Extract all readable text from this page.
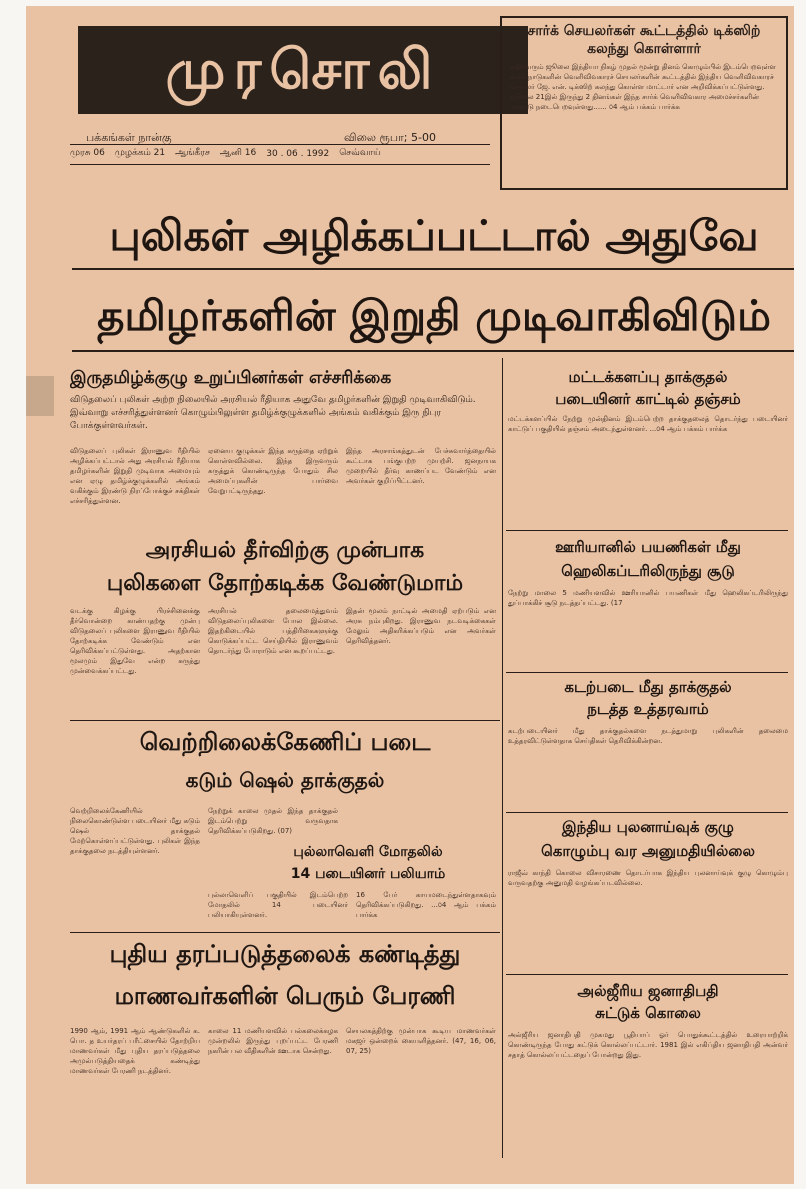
முரசொலி
சார்க் செயலர்கள் கூட்டத்தில் டிக்ஸிற் கலந்து கொள்ளார்
எதிர்வரும் ஜூலை இந்தியா நிகழ் முதல் மூன்று தினம் கொழும்பில் இடம்பெறவுள்ள சார்க் நாடுகளின் வெளிவிவகாரச் செயலர்களின் கூட்டத்தில் இந்திய வெளிவிவகாரச் செயலர் ஜே. என். டிக்ஸிற் கலந்து கொள்ள மாட்டார் என அறிவிக்கப்பட்டுள்ளது. ஜூலை 21இல் இருந்து 2 தினங்கள் இந்த சார்க் வெளிவிவகார அமைச்சர்களின் மாநாடு நடைபெறவுள்ளது...... ௦4 ஆம் பக்கம் பார்க்க
பக்கங்கள் நான்கு	விலை ரூபா; 5-00
முரசு 06 முழக்கம் 21 ஆங்கீரச ஆனி 16 30 . 06 . 1992 செவ்வாய்
புலிகள் அழிக்கப்பட்டால் அதுவே
தமிழர்களின் இறுதி முடிவாகிவிடும்
இருதமிழ்க்குழு உறுப்பினர்கள் எச்சரிக்கை
விடுதலைப் புலிகள் அற்ற நிலையில் அரசியல் ரீதியாக அதுவே தமிழர்களின் இறுதி முடிவாகிவிடும். இவ்வாறு எச்சரித்துள்ளனர் கொழும்பிலுள்ள தமிழ்க்குழுக்களில் அங்கம் வகிக்கும் இரு நிபுர போக்குள்ளவர்கள்.

விடுதலைப் புலிகள் இராணுவ ரீதியில் அழிக்கப்பட்டால் அது அரசியல் ரீதியாக தமிழர்களின் இறுதி முடிவாக அமையும் என ஏழு தமிழ்க்குழுக்களில் அங்கம் வகிக்கும் இரண்டு நிரப்போக்குச் சக்திகள் எச்சரித்துள்ளன.

ஏனைய குழுக்கள் இந்த கருத்தை ஏற்றுக் கொள்ளவில்லை. இந்த இருவரும் கருத்துக் கொண்டிருந்த போதும் சில அமைப்புகளின் பார்வை வேறுபட்டிருந்தது.

இந்த அரசாங்கத்துடன் பேச்சுவார்த்தையில் கூட்டாக பங்குபற்ற முயற்சி. ஜனநாயக முறையில் தீர்வு காணப்பட வேண்டும் என அவர்கள் குறிப்பிட்டனர்.

அரசியல் தீர்விற்கு முன்பாக
புலிகளை தோற்கடிக்க வேண்டுமாம்

வடக்கு கிழக்கு பிரச்சினைக்கு தீர்வொன்றை காண்பதற்கு முன்பு விடுதலைப் புலிகளை இராணுவ ரீதியில் தோற்கடிக்க வேண்டும் என தெரிவிக்கப்பட்டுள்ளது. அதற்கான மூலமும் இதுவே என்ற கருத்து முன்வைக்கப்பட்டது.

அரசியல் தலைமைத்துவம் விடுதலைப்புலிகளை போல இல்லை. இதற்கிடையில் பத்திரிகைகளுக்கு கொடுக்கப்பட்ட செய்தியில் இராணுவம் தொடர்ந்து போராடும் என கூறப்பட்டது.

இதன் மூலம் நாட்டில் அமைதி ஏற்படும் என அரசு நம்புகிறது. இராணுவ நடவடிக்கைகள் மேலும் அதிகரிக்கப்படும் என அவர்கள் தெரிவித்தனர்.

வெற்றிலைக்கேணிப் படை
கடும் ஷெல் தாக்குதல்

வெற்றிலைக்கேணியில் நிலைகொண்டுள்ள படையினர் மீது கடும் ஷெல் தாக்குதல் மேற்கொள்ளப்பட்டுள்ளது. புலிகள் இந்த தாக்குதலை நடத்தியுள்ளனர்.

நேற்றுக் காலை முதல் இந்த தாக்குதல் இடம்பெற்று வருவதாக தெரிவிக்கப்படுகிறது. (07)

புல்லாவெளி மோதலில்
14 படையினர் பலியாம்

புல்லாவெளிப் பகுதியில் இடம்பெற்ற மோதலில் 14 படையினர் பலியாகியுள்ளனர்.

16 பேர் காயமடைந்துள்ளதாகவும் தெரிவிக்கப்படுகிறது. ...௦4 ஆம் பக்கம் பார்க்க

புதிய தரப்படுத்தலைக் கண்டித்து
மாணவர்களின் பெரும் பேரணி

1990 ஆம், 1991 ஆம் ஆண்டுகளில் க. பொ. த உயர்தரப் பரீட்சையில் தோற்றிய மாணவர்கள் மீது புதிய தரப்படுத்தலை அமுல்படுத்தியதைக் கண்டித்து மாணவர்கள் பேரணி நடத்தினர்.

காலை 11 மணியளவில் பல்கலைக்கழக முன்றலில் இருந்து புறப்பட்ட பேரணி நகரின் பல வீதிகளின் ஊடாக சென்றது.

செயலகத்திற்கு முன்பாக கூடிய மாணவர்கள் மகஜர் ஒன்றைக் கையளித்தனர். (47, 16, 06, 07, 25)

மட்டக்களப்பு தாக்குதல்
படையினர் காட்டில் தஞ்சம்

மட்டக்களப்பில் நேற்று முன்தினம் இடம்பெற்ற தாக்குதலைத் தொடர்ந்து படையினர் காட்டுப் பகுதியில் தஞ்சம் அடைந்துள்ளனர். ...௦4 ஆம் பக்கம் பார்க்க

ஊரியானில் பயணிகள் மீது
ஹெலிகப்டரிலிருந்து சூடு

நேற்று மாலை 5 மணியளவில் ஊரியானில் பயணிகள் மீது ஹெலிகப்டரிலிருந்து துப்பாக்கிச் சூடு நடத்தப்பட்டது. (17

கடற்படை மீது தாக்குதல்
நடத்த உத்தரவாம்

கடற்படையினர் மீது தாக்குதல்களை நடத்துமாறு புலிகளின் தலைமை உத்தரவிட்டுள்ளதாக செய்திகள் தெரிவிக்கின்றன.

இந்திய புலனாய்வுக் குழு
கொழும்பு வர அனுமதியில்லை

ராஜீவ் காந்தி கொலை விசாரணை தொடர்பாக இந்திய புலனாய்வுக் குழு கொழும்பு வருவதற்கு அனுமதி வழங்கப்படவில்லை.

அல்ஜீரிய ஜனாதிபதி
சுட்டுக் கொலை

அல்ஜீரிய ஜனாதிபதி முகமது பூதியாப் ஓர் பொதுக்கூட்டத்தில் உரையாற்றிக் கொண்டிருந்த போது சுட்டுக் கொல்லப்பட்டார். 1981 இல் எகிப்திய ஜனாதிபதி அன்வர் சதாத் கொல்லப்பட்டதைப் போன்றது இது.
